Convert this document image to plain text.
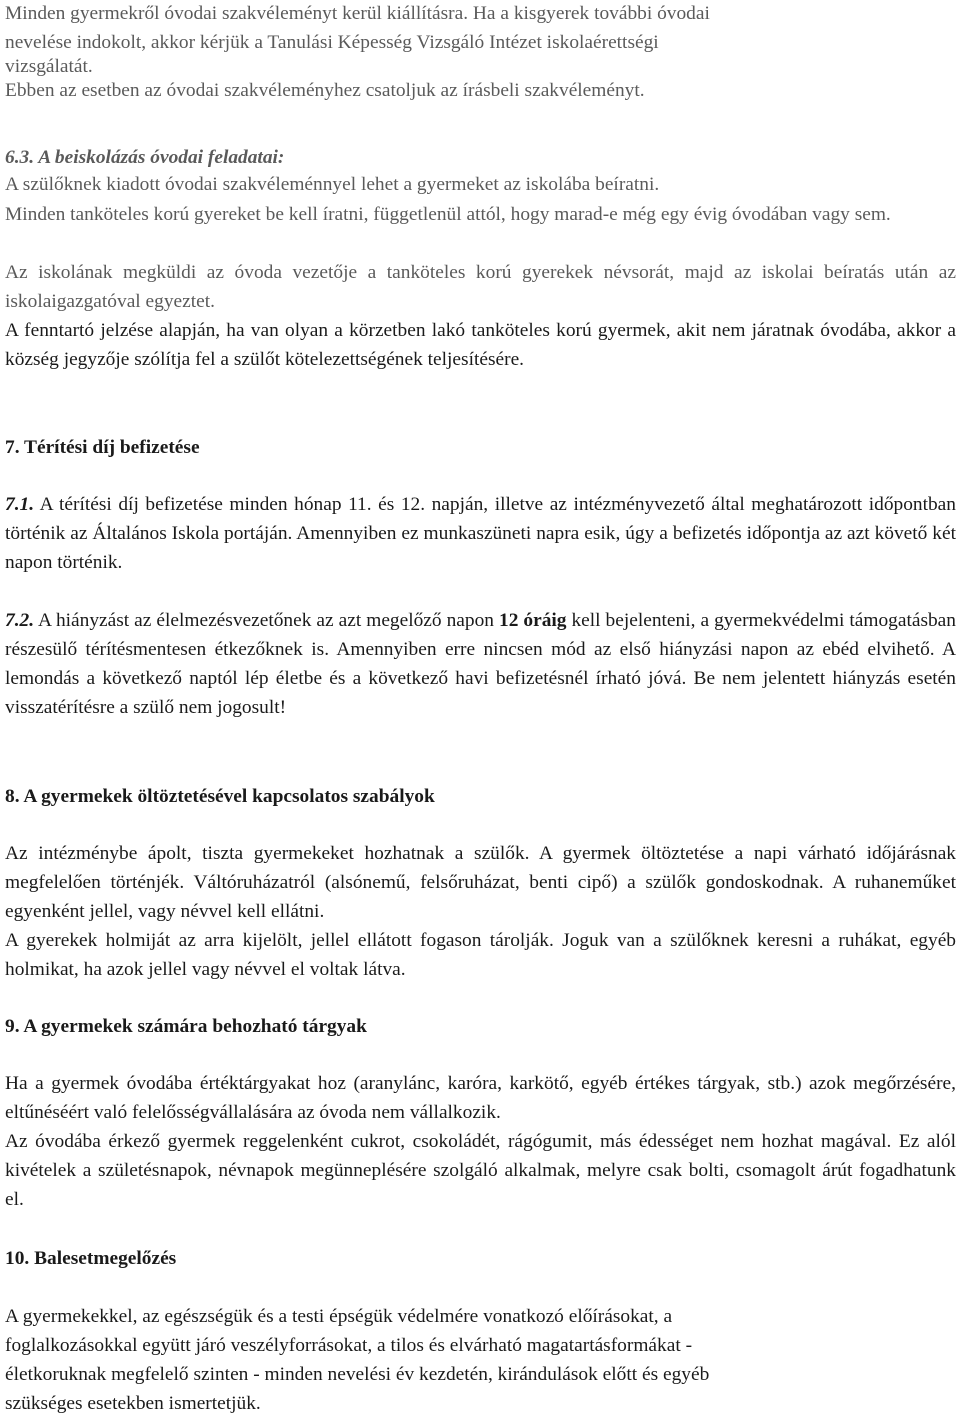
Minden gyermekről óvodai szakvéleményt kerül kiállításra. Ha a kisgyerek további óvodai
nevelése indokolt, akkor kérjük a Tanulási Képesség Vizsgáló Intézet iskolaérettségi
vizsgálatát.
Ebben az esetben az óvodai szakvéleményhez csatoljuk az írásbeli szakvéleményt.
6.3. A beiskolázás óvodai feladatai:
A szülőknek kiadott óvodai szakvéleménnyel lehet a gyermeket az iskolába beíratni.
Minden tanköteles korú gyereket be kell íratni, függetlenül attól, hogy marad-e még egy évig óvodában vagy sem.
Az iskolának megküldi az óvoda vezetője a tanköteles korú gyerekek névsorát, majd az iskolai beíratás után az iskolaigazgatóval egyeztet.
A fenntartó jelzése alapján, ha van olyan a körzetben lakó tanköteles korú gyermek, akit nem járatnak óvodába, akkor a község jegyzője szólítja fel a szülőt kötelezettségének teljesítésére.
7. Térítési díj befizetése
7.1. A térítési díj befizetése minden hónap 11. és 12. napján, illetve az intézményvezető által meghatározott időpontban történik az Általános Iskola portáján. Amennyiben ez munkaszüneti napra esik, úgy a befizetés időpontja az azt követő két napon történik.
7.2. A hiányzást az élelmezésvezetőnek az azt megelőző napon 12 óráig kell bejelenteni, a gyermekvédelmi támogatásban részesülő térítésmentesen étkezőknek is. Amennyiben erre nincsen mód az első hiányzási napon az ebéd elvihető. A lemondás a következő naptól lép életbe és a következő havi befizetésnél írható jóvá. Be nem jelentett hiányzás esetén visszatérítésre a szülő nem jogosult!
8. A gyermekek öltöztetésével kapcsolatos szabályok
Az intézménybe ápolt, tiszta gyermekeket hozhatnak a szülők. A gyermek öltöztetése a napi várható időjárásnak megfelelően történjék. Váltóruházatról (alsónemű, felsőruházat, benti cipő) a szülők gondoskodnak. A ruhaneműket egyenként jellel, vagy névvel kell ellátni.
A gyerekek holmiját az arra kijelölt, jellel ellátott fogason tárolják. Joguk van a szülőknek keresni a ruhákat, egyéb holmikat, ha azok jellel vagy névvel el voltak látva.
9. A gyermekek számára behozható tárgyak
Ha a gyermek óvodába értéktárgyakat hoz (aranylánc, karóra, karkötő, egyéb értékes tárgyak, stb.) azok megőrzésére, eltűnéséért való felelősségvállalására az óvoda nem vállalkozik.
Az óvodába érkező gyermek reggelenként cukrot, csokoládét, rágógumit, más édességet nem hozhat magával. Ez alól kivételek a születésnapok, névnapok megünneplésére szolgáló alkalmak, melyre csak bolti, csomagolt árút fogadhatunk el.
10. Balesetmegelőzés
A gyermekekkel, az egészségük és a testi épségük védelmére vonatkozó előírásokat, a
foglalkozásokkal együtt járó veszélyforrásokat, a tilos és elvárható magatartásformákat -
életkoruknak megfelelő szinten - minden nevelési év kezdetén, kirándulások előtt és egyéb
szükséges esetekben ismertetjük.
